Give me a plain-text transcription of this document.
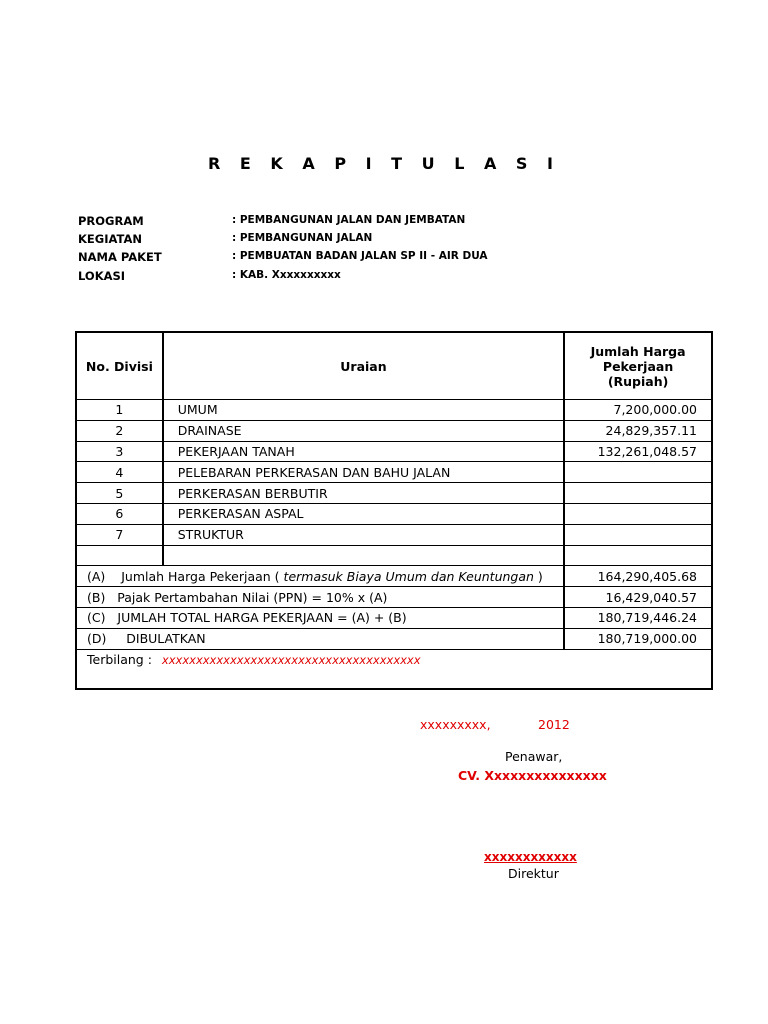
R E K A P I T U L A S I
PROGRAM	: PEMBANGUNAN JALAN DAN JEMBATAN
KEGIATAN	: PEMBANGUNAN JALAN
NAMA PAKET	: PEMBUATAN BADAN JALAN SP II - AIR DUA
LOKASI	: KAB. Xxxxxxxxxx
No. Divisi	Uraian	Jumlah Harga Pekerjaan (Rupiah)
1	UMUM	7,200,000.00
2	DRAINASE	24,829,357.11
3	PEKERJAAN TANAH	132,261,048.57
4	PELEBARAN PERKERASAN DAN BAHU JALAN	
5	PERKERASAN BERBUTIR	
6	PERKERASAN ASPAL	
7	STRUKTUR	

(A) Jumlah Harga Pekerjaan ( termasuk Biaya Umum dan Keuntungan )		164,290,405.68
(B) Pajak Pertambahan Nilai (PPN) = 10% x (A)		16,429,040.57
(C) JUMLAH TOTAL HARGA PEKERJAAN = (A) + (B)		180,719,446.24
(D) DIBULATKAN		180,719,000.00
Terbilang : xxxxxxxxxxxxxxxxxxxxxxxxxxxxxxxxxxxxxx		
xxxxxxxxx,	2012
Penawar,
CV. Xxxxxxxxxxxxxxx
xxxxxxxxxxxx
Direktur
